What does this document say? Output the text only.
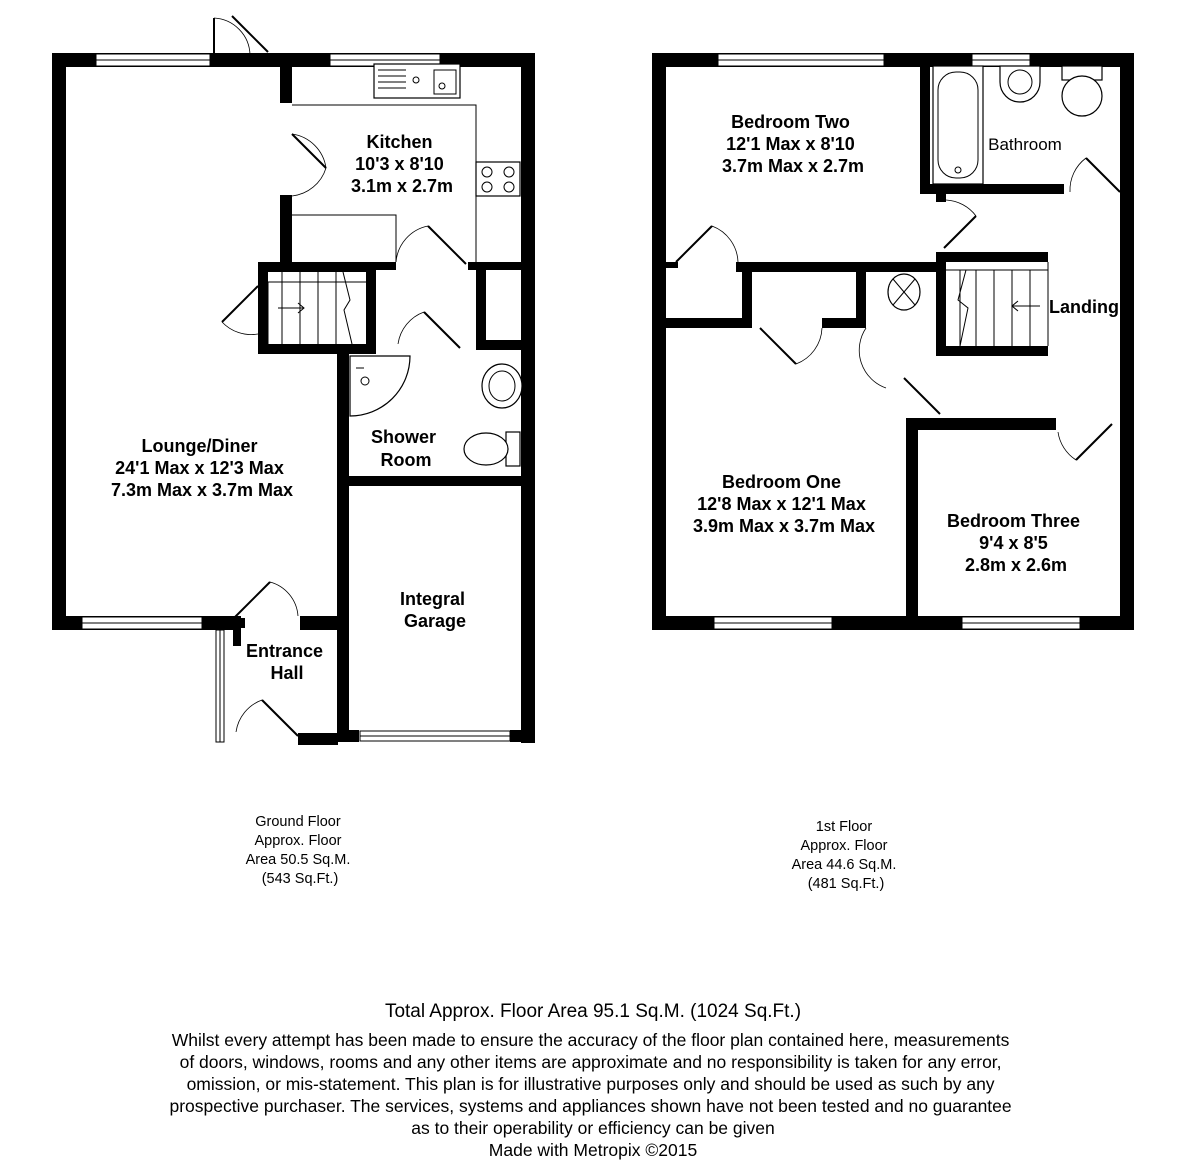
Lounge/Diner 24'1 Max x 12'3 Max 7.3m Max x 3.7m Max
Kitchen 10'3 x 8'10 3.1m x 2.7m
Shower Room
Integral Garage
Entrance Hall
Bedroom Two 12'1 Max x 8'10 3.7m Max x 2.7m
Bathroom
Landing
Bedroom One 12'8 Max x 12'1 Max 3.9m Max x 3.7m Max	Bedroom Three 9'4 x 8'5 2.8m x 2.6m
Ground Floor Approx. Floor Area 50.5 Sq.M. (543 Sq.Ft.)
1st Floor Approx. Floor Area 44.6 Sq.M. (481 Sq.Ft.)
Total Approx. Floor Area 95.1 Sq.M. (1024 Sq.Ft.)
Whilst every attempt has been made to ensure the accuracy of the floor plan contained here, measurements of doors, windows, rooms and any other items are approximate and no responsibility is taken for any error, omission, or mis-statement. This plan is for illustrative purposes only and should be used as such by any prospective purchaser. The services, systems and appliances shown have not been tested and no guarantee as to their operability or efficiency can be given
Made with Metropix ©2015
